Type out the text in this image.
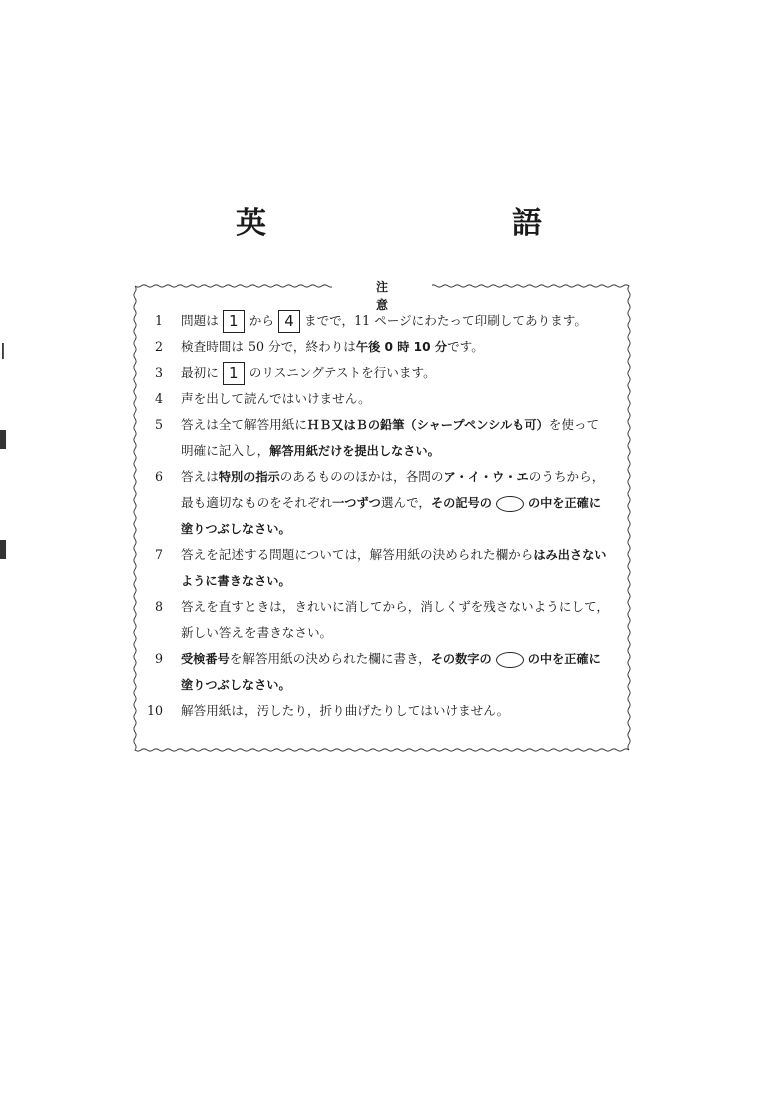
英　　語
注意
1	問題は 1 から 4 までで，11 ページにわたって印刷してあります。
2	検査時間は 50 分で，終わりは午後 0 時 10 分です。
3	最初に 1 のリスニングテストを行います。
4	声を出して読んではいけません。
5	答えは全て解答用紙にＨＢ又はＢの鉛筆（シャープペンシルも可）を使って
明確に記入し，解答用紙だけを提出しなさい。
6	答えは特別の指示のあるもののほかは，各問のア・イ・ウ・エのうちから，
最も適切なものをそれぞれ一つずつ選んで，その記号の	の中を正確に
塗りつぶしなさい。
7	答えを記述する問題については，解答用紙の決められた欄からはみ出さない
ように書きなさい。
8	答えを直すときは，きれいに消してから，消しくずを残さないようにして，
新しい答えを書きなさい。
9	受検番号を解答用紙の決められた欄に書き，その数字の	の中を正確に
塗りつぶしなさい。
10	解答用紙は，汚したり，折り曲げたりしてはいけません。
|
▌
▌
